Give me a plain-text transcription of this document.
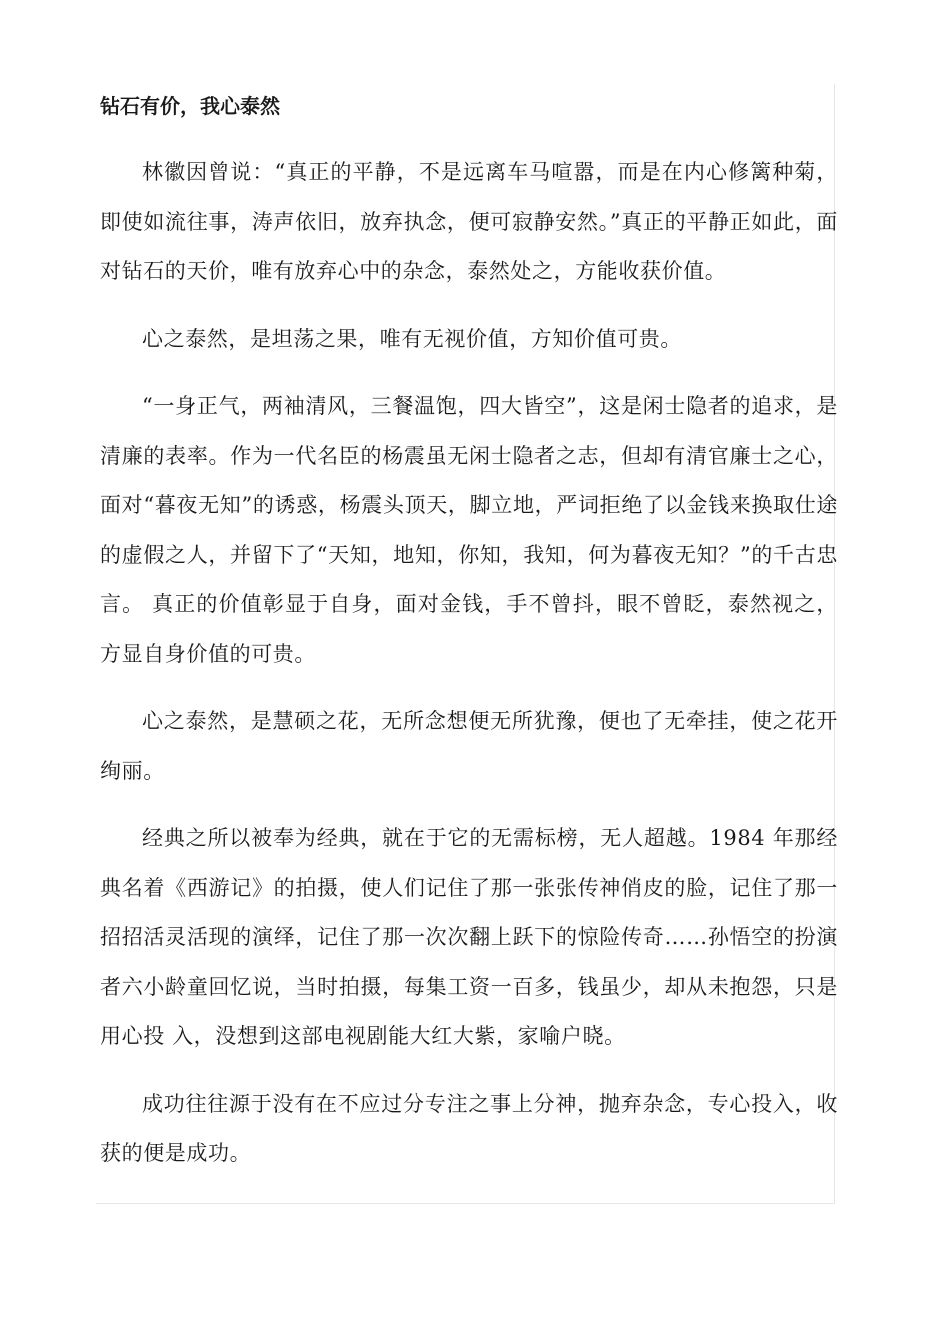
钻石有价，我心泰然

林徽因曾说：“真正的平静，不是远离车马喧嚣，而是在内心修篱种菊，即使如流往事，涛声依旧，放弃执念，便可寂静安然。”真正的平静正如此，面对钻石的天价，唯有放弃心中的杂念，泰然处之，方能收获价值。

心之泰然，是坦荡之果，唯有无视价值，方知价值可贵。

“一身正气，两袖清风，三餐温饱，四大皆空”，这是闲士隐者的追求，是清廉的表率。作为一代名臣的杨震虽无闲士隐者之志，但却有清官廉士之心， 面对“暮夜无知”的诱惑，杨震头顶天，脚立地，严词拒绝了以金钱来换取仕途的虚假之人，并留下了“天知，地知，你知，我知，何为暮夜无知？”的千古忠言。 真正的价值彰显于自身，面对金钱，手不曾抖，眼不曾眨，泰然视之，方显自身价值的可贵。

心之泰然，是慧硕之花，无所念想便无所犹豫，便也了无牵挂，使之花开绚丽。

经典之所以被奉为经典，就在于它的无需标榜，无人超越。1984 年那经典名着《西游记》的拍摄，使人们记住了那一张张传神俏皮的脸，记住了那一 招招活灵活现的演绎，记住了那一次次翻上跃下的惊险传奇……孙悟空的扮演者六小龄童回忆说，当时拍摄，每集工资一百多，钱虽少，却从未抱怨，只是用心投 入，没想到这部电视剧能大红大紫，家喻户晓。

成功往往源于没有在不应过分专注之事上分神，抛弃杂念，专心投入，收获的便是成功。
